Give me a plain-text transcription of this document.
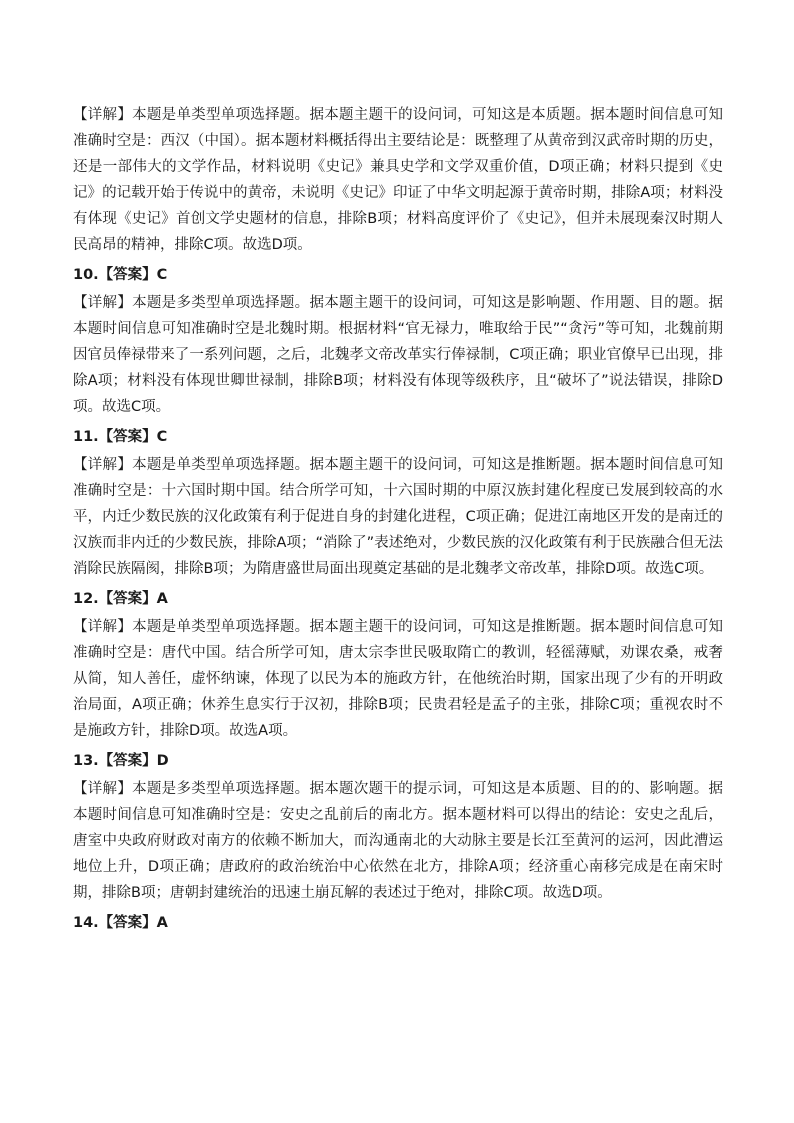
【详解】本题是单类型单项选择题。据本题主题干的设问词，可知这是本质题。据本题时间信息可知准确时空是：西汉（中国）。据本题材料概括得出主要结论是：既整理了从黄帝到汉武帝时期的历史，还是一部伟大的文学作品，材料说明《史记》兼具史学和文学双重价值，D项正确；材料只提到《史记》的记载开始于传说中的黄帝，未说明《史记》印证了中华文明起源于黄帝时期，排除A项；材料没有体现《史记》首创文学史题材的信息，排除B项；材料高度评价了《史记》，但并未展现秦汉时期人民高昂的精神，排除C项。故选D项。

10.【答案】C

【详解】本题是多类型单项选择题。据本题主题干的设问词，可知这是影响题、作用题、目的题。据本题时间信息可知准确时空是北魏时期。根据材料“官无禄力，唯取给于民”“贪污”等可知，北魏前期因官员俸禄带来了一系列问题，之后，北魏孝文帝改革实行俸禄制，C项正确；职业官僚早已出现，排除A项；材料没有体现世卿世禄制，排除B项；材料没有体现等级秩序，且“破坏了”说法错误，排除D项。故选C项。

11.【答案】C

【详解】本题是单类型单项选择题。据本题主题干的设问词，可知这是推断题。据本题时间信息可知准确时空是：十六国时期中国。结合所学可知，十六国时期的中原汉族封建化程度已发展到较高的水平，内迁少数民族的汉化政策有利于促进自身的封建化进程，C项正确；促进江南地区开发的是南迁的汉族而非内迁的少数民族，排除A项；“消除了”表述绝对，少数民族的汉化政策有利于民族融合但无法消除民族隔阂，排除B项；为隋唐盛世局面出现奠定基础的是北魏孝文帝改革，排除D项。故选C项。

12.【答案】A

【详解】本题是单类型单项选择题。据本题主题干的设问词，可知这是推断题。据本题时间信息可知准确时空是：唐代中国。结合所学可知，唐太宗李世民吸取隋亡的教训，轻徭薄赋，劝课农桑，戒奢从简，知人善任，虚怀纳谏，体现了以民为本的施政方针，在他统治时期，国家出现了少有的开明政治局面，A项正确；休养生息实行于汉初，排除B项；民贵君轻是孟子的主张，排除C项；重视农时不是施政方针，排除D项。故选A项。

13.【答案】D

【详解】本题是多类型单项选择题。据本题次题干的提示词，可知这是本质题、目的的、影响题。据本题时间信息可知准确时空是：安史之乱前后的南北方。据本题材料可以得出的结论：安史之乱后，唐室中央政府财政对南方的依赖不断加大，而沟通南北的大动脉主要是长江至黄河的运河，因此漕运地位上升，D项正确；唐政府的政治统治中心依然在北方，排除A项；经济重心南移完成是在南宋时期，排除B项；唐朝封建统治的迅速土崩瓦解的表述过于绝对，排除C项。故选D项。

14.【答案】A
